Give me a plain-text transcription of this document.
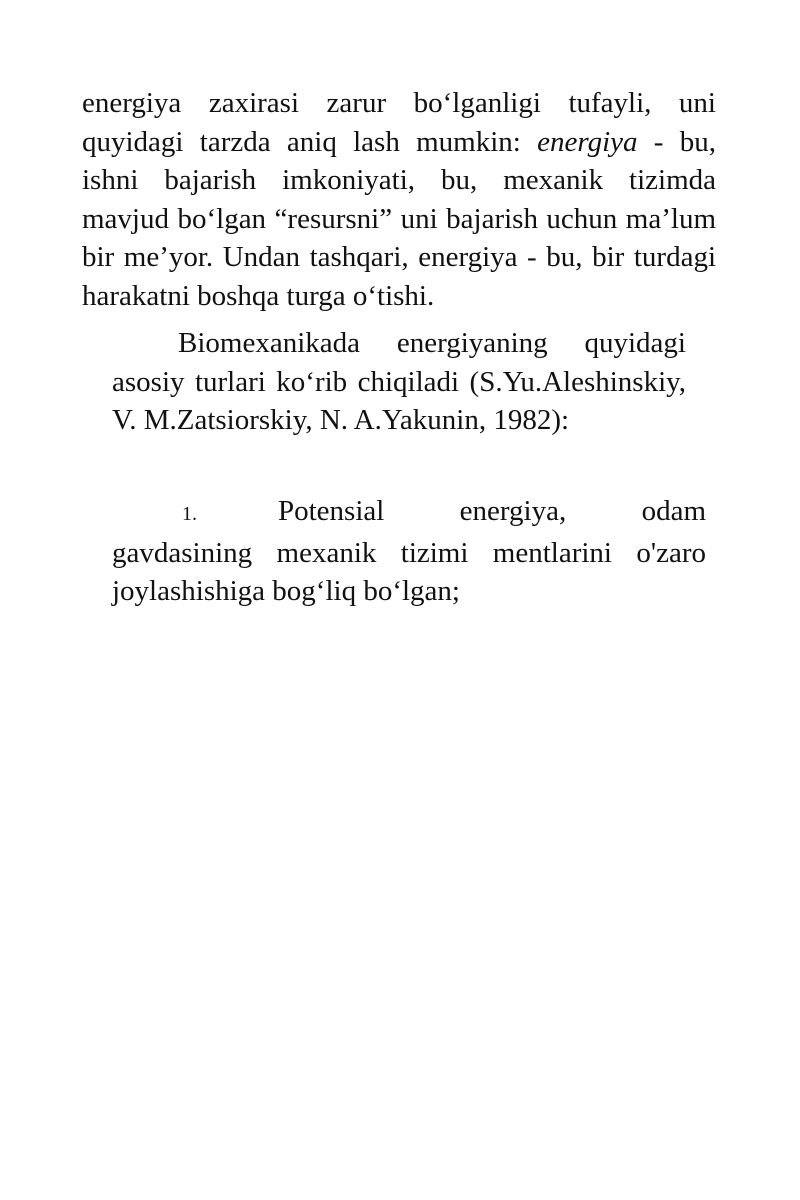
energiya zaxirasi zarur bo‘lganligi tufayli, uni quyidagi tarzda aniq lash mumkin: energiya - bu, ishni bajarish imkoniyati, bu, mexanik tizimda mavjud bo‘lgan “resursni” uni bajarish uchun ma’lum bir me’yor. Undan tashqari, energiya - bu, bir turdagi harakatni boshqa turga o‘tishi.

Biomexanikada energiyaning quyidagi asosiy turlari ko‘rib chiqiladi (S.Yu.Aleshinskiy, V. M.Zatsiorskiy, N. A.Yakunin, 1982):

1.	Potensial energiya, odam gavdasining mexanik tizimi mentlarini o'zaro joylashishiga bog‘liq bo‘lgan;
